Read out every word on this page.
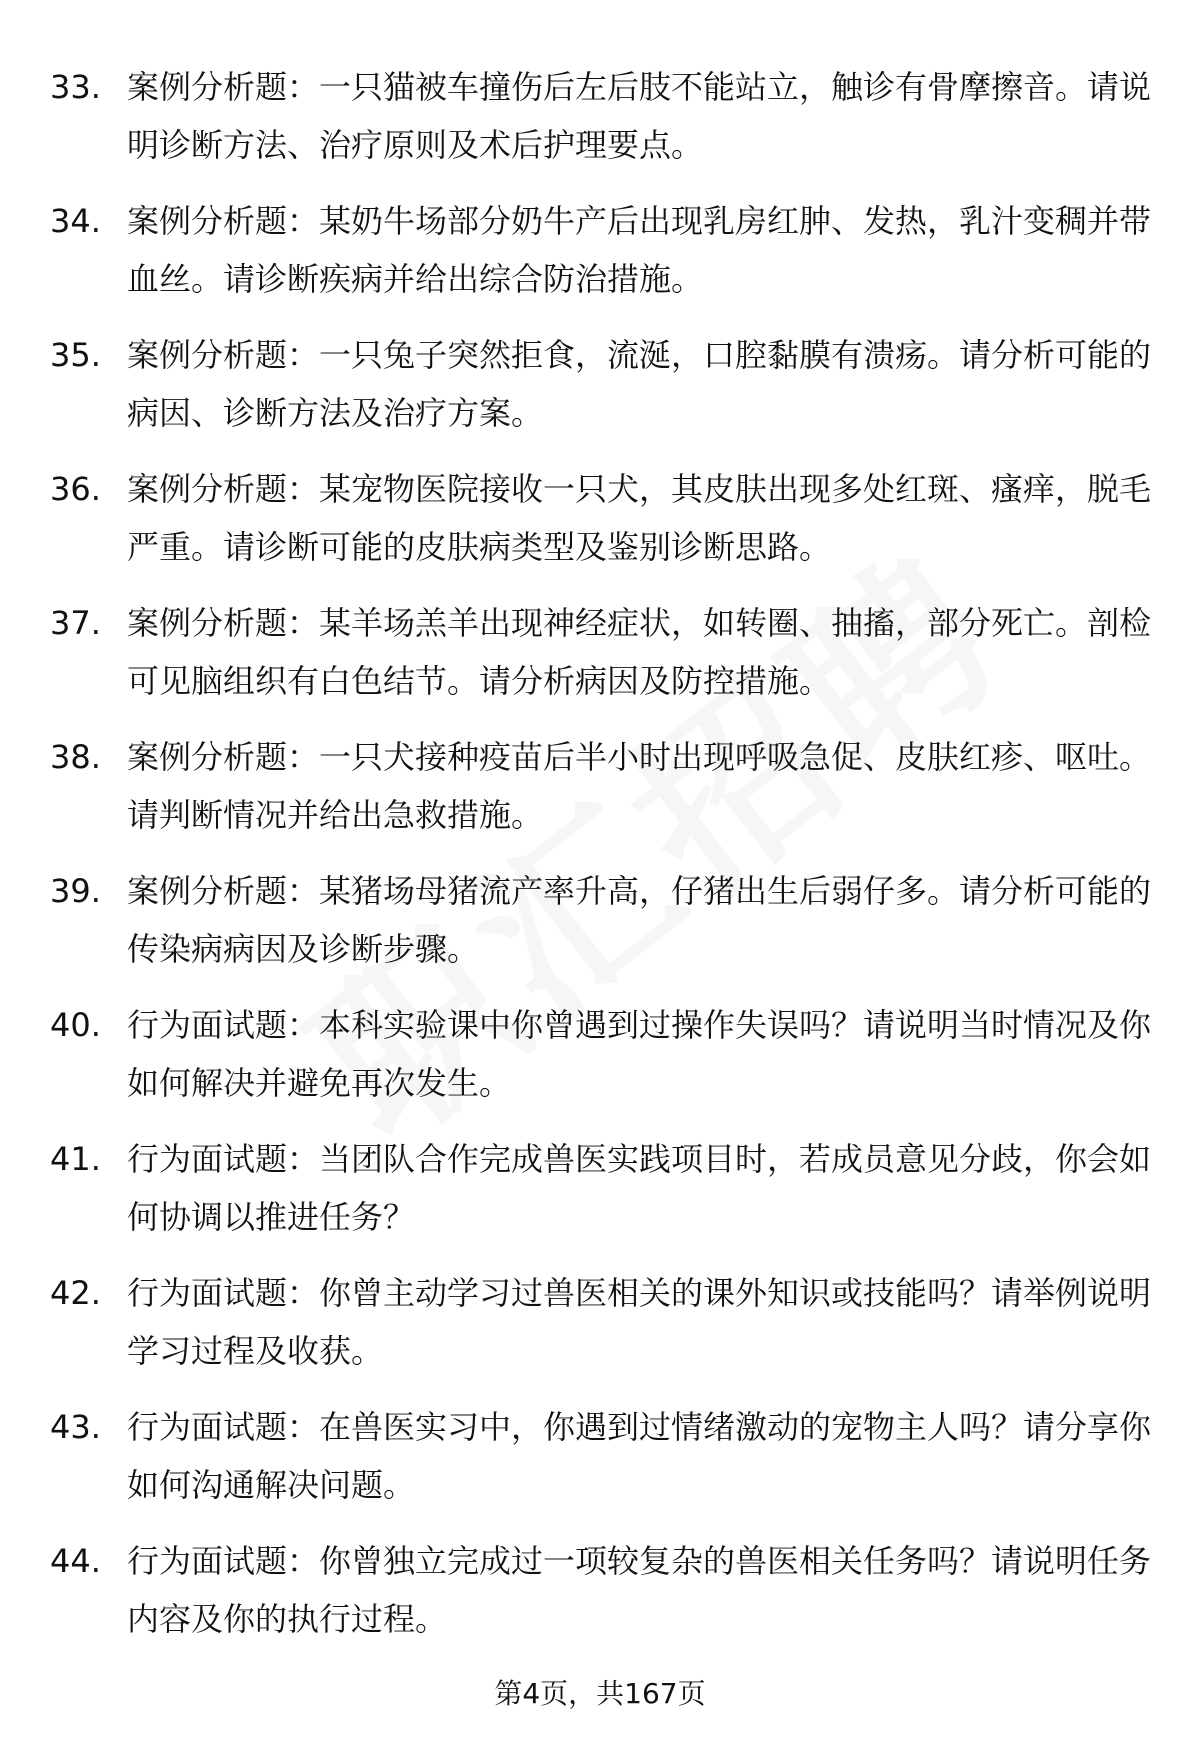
33. 案例分析题：一只猫被车撞伤后左后肢不能站立，触诊有骨摩擦音。请说明诊断方法、治疗原则及术后护理要点。
34. 案例分析题：某奶牛场部分奶牛产后出现乳房红肿、发热，乳汁变稠并带血丝。请诊断疾病并给出综合防治措施。
35. 案例分析题：一只兔子突然拒食，流涎，口腔黏膜有溃疡。请分析可能的病因、诊断方法及治疗方案。
36. 案例分析题：某宠物医院接收一只犬，其皮肤出现多处红斑、瘙痒，脱毛严重。请诊断可能的皮肤病类型及鉴别诊断思路。
37. 案例分析题：某羊场羔羊出现神经症状，如转圈、抽搐，部分死亡。剖检可见脑组织有白色结节。请分析病因及防控措施。
38. 案例分析题：一只犬接种疫苗后半小时出现呼吸急促、皮肤红疹、呕吐。请判断情况并给出急救措施。
39. 案例分析题：某猪场母猪流产率升高，仔猪出生后弱仔多。请分析可能的传染病病因及诊断步骤。
40. 行为面试题：本科实验课中你曾遇到过操作失误吗？请说明当时情况及你如何解决并避免再次发生。
41. 行为面试题：当团队合作完成兽医实践项目时，若成员意见分歧，你会如何协调以推进任务？
42. 行为面试题：你曾主动学习过兽医相关的课外知识或技能吗？请举例说明学习过程及收获。
43. 行为面试题：在兽医实习中，你遇到过情绪激动的宠物主人吗？请分享你如何沟通解决问题。
44. 行为面试题：你曾独立完成过一项较复杂的兽医相关任务吗？请说明任务内容及你的执行过程。
第4页，共167页
